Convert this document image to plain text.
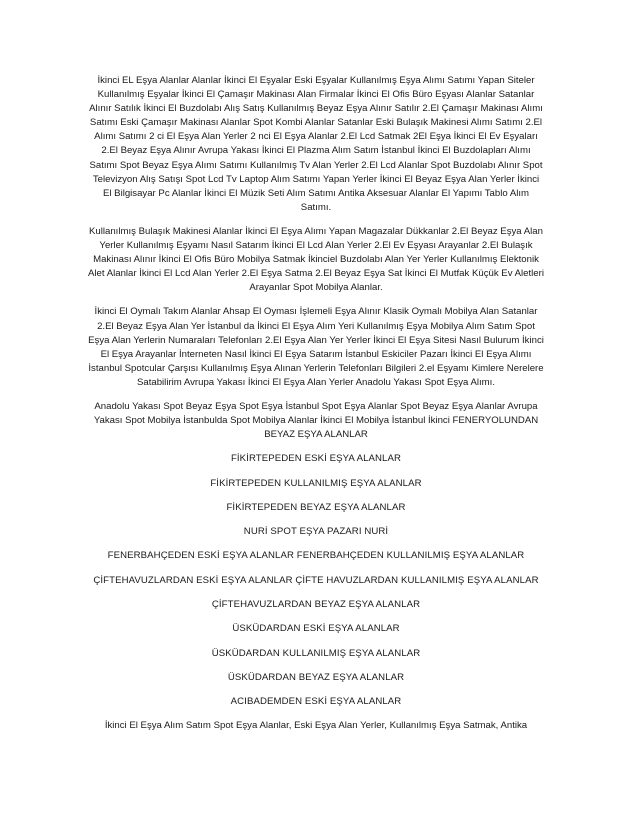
İkinci EL Eşya Alanlar Alanlar İkinci El Eşyalar Eski Eşyalar Kullanılmış Eşya Alımı Satımı Yapan Siteler Kullanılmış Eşyalar İkinci El Çamaşır Makinası Alan Firmalar İkinci El Ofis Büro Eşyası Alanlar Satanlar Alınır Satılık İkinci El Buzdolabı Alış Satış Kullanılmış Beyaz Eşya Alınır Satılır 2.El Çamaşır Makinası Alımı Satımı Eski Çamaşır Makinası Alanlar Spot Kombi Alanlar Satanlar Eski Bulaşık Makinesi Alımı Satımı 2.El Alımı Satımı 2 ci El Eşya Alan Yerler 2 nci El Eşya Alanlar 2.El Lcd Satmak 2El Eşya İkinci El Ev Eşyaları 2.El Beyaz Eşya Alınır Avrupa Yakası İkinci El Plazma Alım Satım İstanbul İkinci El Buzdolapları Alımı Satımı Spot Beyaz Eşya Alımı Satımı Kullanılmış Tv Alan Yerler 2.El Lcd Alanlar Spot Buzdolabı Alınır Spot Televizyon Alış Satışı Spot Lcd Tv Laptop Alım Satımı Yapan Yerler İkinci El Beyaz Eşya Alan Yerler İkinci El Bilgisayar Pc Alanlar İkinci El Müzik Seti Alım Satımı Antika Aksesuar Alanlar El Yapımı Tablo Alım Satımı.

Kullanılmış Bulaşık Makinesi Alanlar İkinci El Eşya Alımı Yapan Magazalar Dükkanlar 2.El Beyaz Eşya Alan Yerler Kullanılmış Eşyamı Nasıl Satarım İkinci El Lcd Alan Yerler 2.El Ev Eşyası Arayanlar 2.El Bulaşık Makinası Alınır İkinci El Ofis Büro Mobilya Satmak İkinciel Buzdolabı Alan Yer Yerler Kullanılmış Elektonik Alet Alanlar İkinci El Lcd Alan Yerler 2.El Eşya Satma 2.El Beyaz Eşya Sat İkinci El Mutfak Küçük Ev Aletleri Arayanlar Spot Mobilya Alanlar.

İkinci El Oymalı Takım Alanlar Ahsap El Oyması İşlemeli Eşya Alınır Klasik Oymalı Mobilya Alan Satanlar 2.El Beyaz Eşya Alan Yer İstanbul da İkinci El Eşya Alım Yeri Kullanılmış Eşya Mobilya Alım Satım Spot Eşya Alan Yerlerin Numaraları Telefonları 2.El Eşya Alan Yer Yerler İkinci El Eşya Sitesi Nasıl Bulurum İkinci El Eşya Arayanlar İnterneten Nasıl İkinci El Eşya Satarım İstanbul Eskiciler Pazarı İkinci El Eşya Alımı İstanbul Spotcular Çarşısı Kullanılmış Eşya Alınan Yerlerin Telefonları Bilgileri 2.el Eşyamı Kimlere Nerelere Satabilirim Avrupa Yakası İkinci El Eşya Alan Yerler Anadolu Yakası Spot Eşya Alımı.

Anadolu Yakası Spot Beyaz Eşya Spot Eşya İstanbul Spot Eşya Alanlar Spot Beyaz Eşya Alanlar Avrupa Yakası Spot Mobilya İstanbulda Spot Mobilya Alanlar İkinci El Mobilya İstanbul İkinci FENERYOLUNDAN BEYAZ EŞYA ALANLAR

FİKİRTEPEDEN ESKİ EŞYA ALANLAR

FİKİRTEPEDEN KULLANILMIŞ EŞYA ALANLAR

FİKİRTEPEDEN BEYAZ EŞYA ALANLAR

NURİ SPOT EŞYA PAZARI NURİ

FENERBAHÇEDEN ESKİ EŞYA ALANLAR FENERBAHÇEDEN KULLANILMIŞ EŞYA ALANLAR

ÇİFTEHAVUZLARDAN ESKİ EŞYA ALANLAR ÇİFTE HAVUZLARDAN KULLANILMIŞ EŞYA ALANLAR

ÇİFTEHAVUZLARDAN BEYAZ EŞYA ALANLAR

ÜSKÜDARDAN ESKİ EŞYA ALANLAR

ÜSKÜDARDAN KULLANILMIŞ EŞYA ALANLAR

ÜSKÜDARDAN BEYAZ EŞYA ALANLAR

ACIBADEMDEN ESKİ EŞYA ALANLAR

İkinci El Eşya Alım Satım Spot Eşya Alanlar, Eski Eşya Alan Yerler, Kullanılmış Eşya Satmak, Antika
